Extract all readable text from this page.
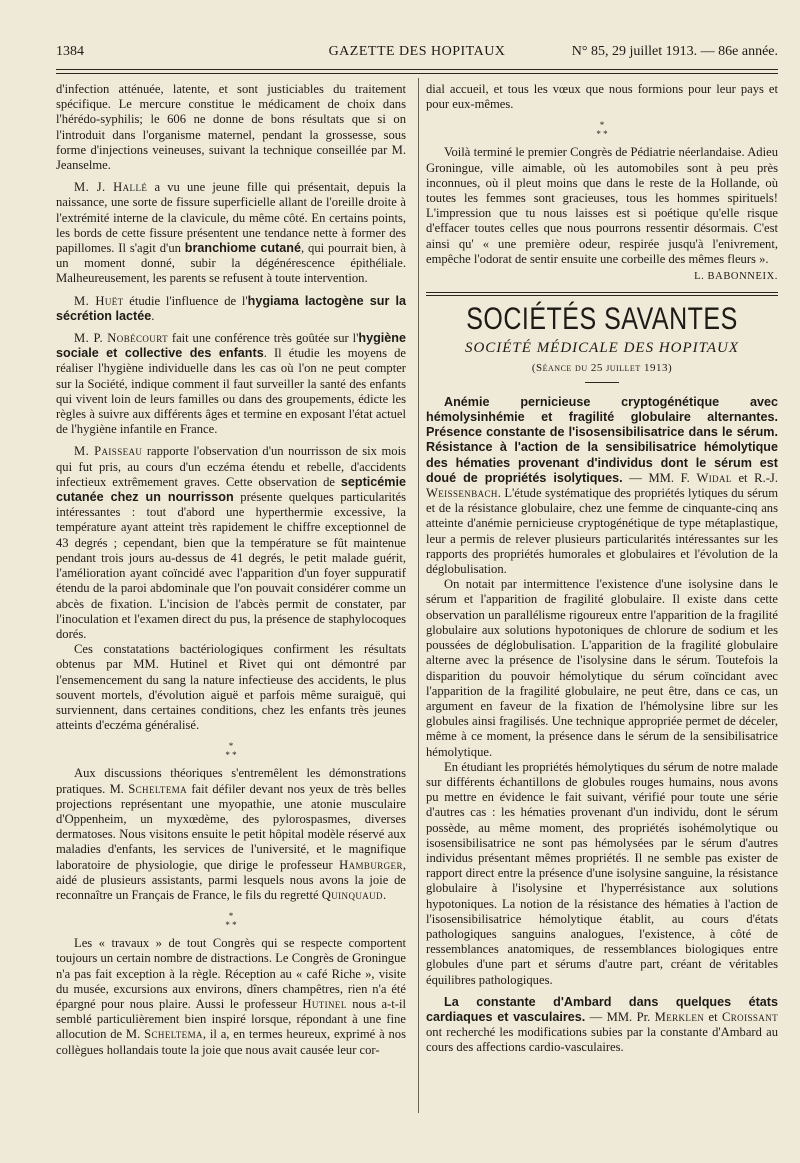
1384	GAZETTE DES HOPITAUX	N° 85, 29 juillet 1913. — 86e année.

d'infection atténuée, latente, et sont justiciables du traitement spécifique. Le mercure constitue le médicament de choix dans l'hérédo-syphilis; le 606 ne donne de bons résultats que si on l'introduit dans l'organisme maternel, pendant la grossesse, sous forme d'injections veineuses, suivant la technique conseillée par M. Jeanselme.

M. J. Hallé a vu une jeune fille qui présentait, depuis la naissance, une sorte de fissure superficielle allant de l'oreille droite à l'extrémité interne de la clavicule, du même côté. En certains points, les bords de cette fissure présentent une tendance nette à former des papillomes. Il s'agit d'un branchiome cutané, qui pourrait bien, à un moment donné, subir la dégénérescence épithéliale. Malheureusement, les parents se refusent à toute intervention.

M. Huët étudie l'influence de l'hygiama lactogène sur la sécrétion lactée.

M. P. Nobécourt fait une conférence très goûtée sur l'hygiène sociale et collective des enfants. Il étudie les moyens de réaliser l'hygiène individuelle dans les cas où l'on ne peut compter sur la Société, indique comment il faut surveiller la santé des enfants qui vivent loin de leurs familles ou dans des groupements, édicte les règles à suivre aux différents âges et termine en exposant l'état actuel de l'hygiène infantile en France.

M. Paisseau rapporte l'observation d'un nourrisson de six mois qui fut pris, au cours d'un eczéma étendu et rebelle, d'accidents infectieux extrêmement graves. Cette observation de septicémie cutanée chez un nourrisson présente quelques particularités intéressantes : tout d'abord une hyperthermie excessive, la température ayant atteint très rapidement le chiffre exceptionnel de 43 degrés ; cependant, bien que la température se fût maintenue pendant trois jours au-dessus de 41 degrés, le petit malade guérit, l'amélioration ayant coïncidé avec l'apparition d'un foyer suppuratif étendu de la paroi abdominale que l'on pouvait considérer comme un abcès de fixation. L'incision de l'abcès permit de constater, par l'inoculation et l'examen direct du pus, la présence de staphylocoques dorés.

Ces constatations bactériologiques confirment les résultats obtenus par MM. Hutinel et Rivet qui ont démontré par l'ensemencement du sang la nature infectieuse des accidents, le plus souvent mortels, d'évolution aiguë et parfois même suraiguë, qui surviennent, dans certaines conditions, chez les enfants très jeunes atteints d'eczéma généralisé.

*
* *

Aux discussions théoriques s'entremêlent les démonstrations pratiques. M. Scheltema fait défiler devant nos yeux de très belles projections représentant une myopathie, une atonie musculaire d'Oppenheim, un myxœdème, des pylorospasmes, diverses dermatoses. Nous visitons ensuite le petit hôpital modèle réservé aux maladies d'enfants, les services de l'université, et le magnifique laboratoire de physiologie, que dirige le professeur Hamburger, aidé de plusieurs assistants, parmi lesquels nous avons la joie de reconnaître un Français de France, le fils du regretté Quinquaud.

*
* *

Les « travaux » de tout Congrès qui se respecte comportent toujours un certain nombre de distractions. Le Congrès de Groningue n'a pas fait exception à la règle. Réception au « café Riche », visite du musée, excursions aux environs, dîners champêtres, rien n'a été épargné pour nous plaire. Aussi le professeur Hutinel nous a-t-il semblé particulièrement bien inspiré lorsque, répondant à une fine allocution de M. Scheltema, il a, en termes heureux, exprimé à nos collègues hollandais toute la joie que nous avait causée leur cor-

dial accueil, et tous les vœux que nous formions pour leur pays et pour eux-mêmes.

*
* *

Voilà terminé le premier Congrès de Pédiatrie néerlandaise. Adieu Groningue, ville aimable, où les automobiles sont à peu près inconnues, où il pleut moins que dans le reste de la Hollande, où toutes les femmes sont gracieuses, tous les hommes spirituels! L'impression que tu nous laisses est si poétique qu'elle risque d'effacer toutes celles que nous pourrons ressentir désormais. C'est ainsi qu' « une première odeur, respirée jusqu'à l'enivrement, empêche l'odorat de sentir ensuite une corbeille des mêmes fleurs ».

L. BABONNEIX.
SOCIÉTÉS SAVANTES
SOCIÉTÉ MÉDICALE DES HOPITAUX
(Séance du 25 juillet 1913)

Anémie pernicieuse cryptogénétique avec hémolysinhémie et fragilité globulaire alternantes. Présence constante de l'isosensibilisatrice dans le sérum. Résistance à l'action de la sensibilisatrice hémolytique des hématies provenant d'individus dont le sérum est doué de propriétés isolytiques. — MM. F. Widal et R.-J. Weissenbach. L'étude systématique des propriétés lytiques du sérum et de la résistance globulaire, chez une femme de cinquante-cinq ans atteinte d'anémie pernicieuse cryptogénétique de type métaplastique, leur a permis de relever plusieurs particularités intéressantes sur les rapports des propriétés humorales et globulaires et l'évolution de la déglobulisation.

On notait par intermittence l'existence d'une isolysine dans le sérum et l'apparition de fragilité globulaire. Il existe dans cette observation un parallélisme rigoureux entre l'apparition de la fragilité globulaire aux solutions hypotoniques de chlorure de sodium et les poussées de déglobulisation. L'apparition de la fragilité globulaire alterne avec la présence de l'isolysine dans le sérum. Toutefois la disparition du pouvoir hémolytique du sérum coïncidant avec l'apparition de la fragilité globulaire, ne peut être, dans ce cas, un argument en faveur de la fixation de l'hémolysine libre sur les globules ainsi fragilisés. Une technique appropriée permet de déceler, même à ce moment, la présence dans le sérum de la sensibilisatrice hémolytique.

En étudiant les propriétés hémolytiques du sérum de notre malade sur différents échantillons de globules rouges humains, nous avons pu mettre en évidence le fait suivant, vérifié pour toute une série d'autres cas : les hématies provenant d'un individu, dont le sérum possède, au même moment, des propriétés isohémolytique ou isosensibilisatrice ne sont pas hémolysées par le sérum d'autres individus présentant mêmes propriétés. Il ne semble pas exister de rapport direct entre la présence d'une isolysine sanguine, la résistance globulaire à l'isolysine et l'hyperrésistance aux solutions hypotoniques. La notion de la résistance des hématies à l'action de l'isosensibilisatrice hémolytique établit, au cours d'états pathologiques sanguins analogues, l'existence, à côté de ressemblances anatomiques, de ressemblances biologiques entre globules d'une part et sérums d'autre part, créant de véritables équilibres pathologiques.

La constante d'Ambard dans quelques états cardiaques et vasculaires. — MM. Pr. Merklen et Croissant ont recherché les modifications subies par la constante d'Ambard au cours des affections cardio-vasculaires.
